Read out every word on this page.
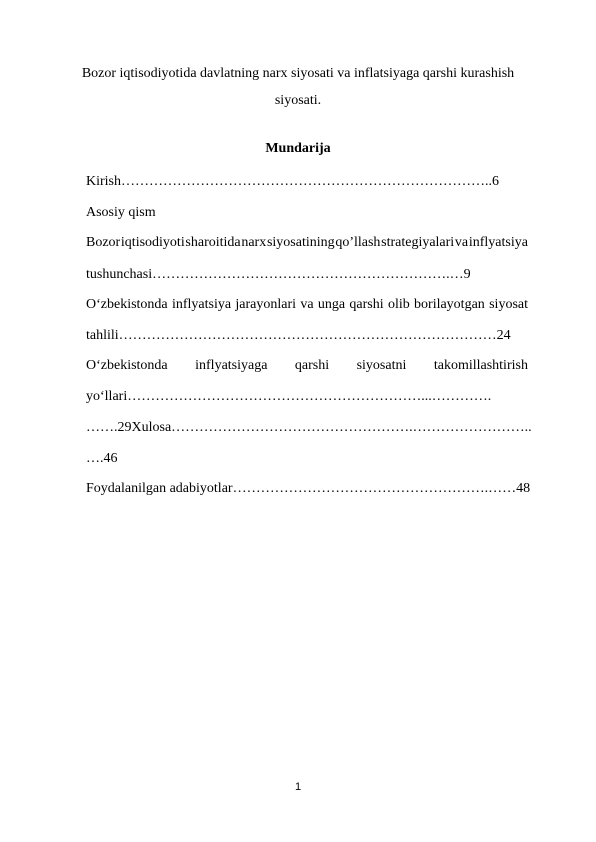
Bozor iqtisodiyotida davlatning narx siyosati va inflatsiyaga qarshi kurashish
siyosati.
Mundarija
Kirish……………………………………………………………………..6
Asosiy qism
Bozor iqtisodiyoti sharoitida narx siyosatining qo’llash strategiyalari va inflyatsiya
tushunchasi……………………………………………………….…9
O‘zbekistonda inflyatsiya jarayonlari va unga qarshi olib borilayotgan siyosat
tahlili………………………………………………………………………24
O‘zbekistonda inflyatsiyaga qarshi siyosatni takomillashtirish
yo‘llari………………………………………………………...………….
…….29Xulosa…………………………………………….……………………..
….46
Foydalanilgan adabiyotlar……………………………………………….……48
1
